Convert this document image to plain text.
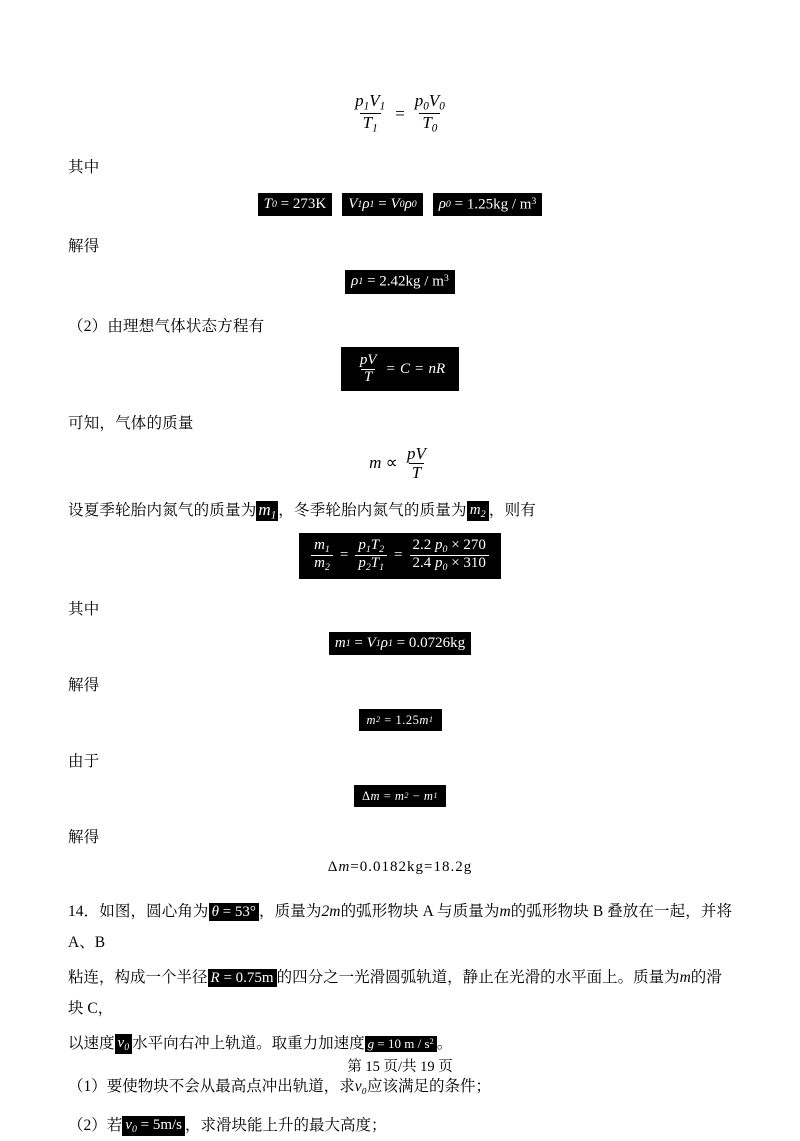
$\frac{p_1V_1}{T_1} = \frac{p_0V_0}{T_0}$
其中
T 0
=
273K	V 1 ρ 1
= V 0 ρ 0	ρ 0
=
$1.25kg / m^3$
解得
ρ 1
=
$2.42kg / m^3$
（2）由理想气体状态方程有
$\frac{pV}{T} = C$ = nR
可知，气体的质量
m ∝
$\frac{pV}{T}$
设夏季轮胎内氮气的质量为 $m_1$ ，冬季轮胎内氮气的质量为 $m_2$ ，则有
$\frac{m_1}{m_2} = \frac{p_1T_2}{p_2T_1} = \frac{2.2 p_0 \times 270}{2.4 p_0 \times 310}$
其中
m 1
= V 1 ρ 1
=
0.0726kg
解得
m 2
=
1.25 m 1
由于
Δ m = m 2
− m 1
解得
Δ m = 0.0182kg = 18.2g
14．如图，圆心角为 θ = 53° ，质量为2m的弧形物块 A 与质量为m的弧形物块 B 叠放在一起，并将 A、B
粘连，构成一个半径 R = 0.75m 的四分之一光滑圆弧轨道，静止在光滑的水平面上。质量为m的滑块 C，
以速度 $v_0$ 水平向右冲上轨道。取重力加速度 g = 10 m / $s^2$ 。
（1）要使物块不会从最高点冲出轨道，求v₀应该满足的条件；
（2）若 $v_0 = 5m/s$ ，求滑块能上升的最大高度；
第 15 页/共 19 页
